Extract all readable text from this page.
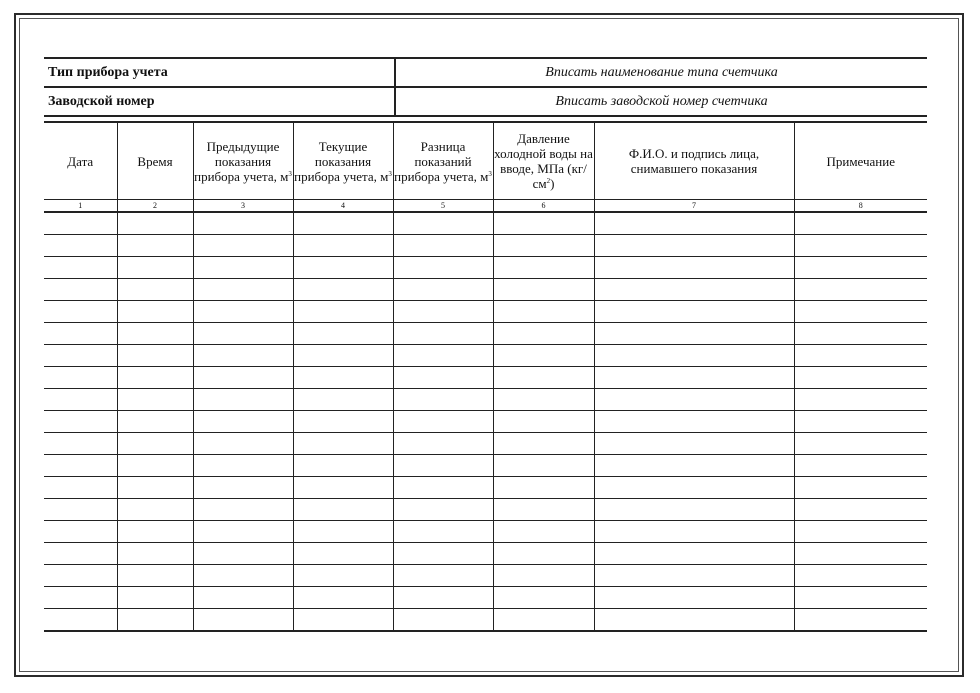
Тип прибора учета	Вписать наименование типа счетчика
Заводской номер	Вписать заводской номер счетчика
Дата	Время	Предыдущие показания прибора учета, $м^3$	Текущие показания прибора учета, $м^3$	Разница показаний прибора учета, $м^3$	Давление холодной воды на вводе, МПа $(кг/см^2)$	Ф.И.О. и подпись лица, снимавшего показания	Примечание
1	2	3	4	5	6	7	8
